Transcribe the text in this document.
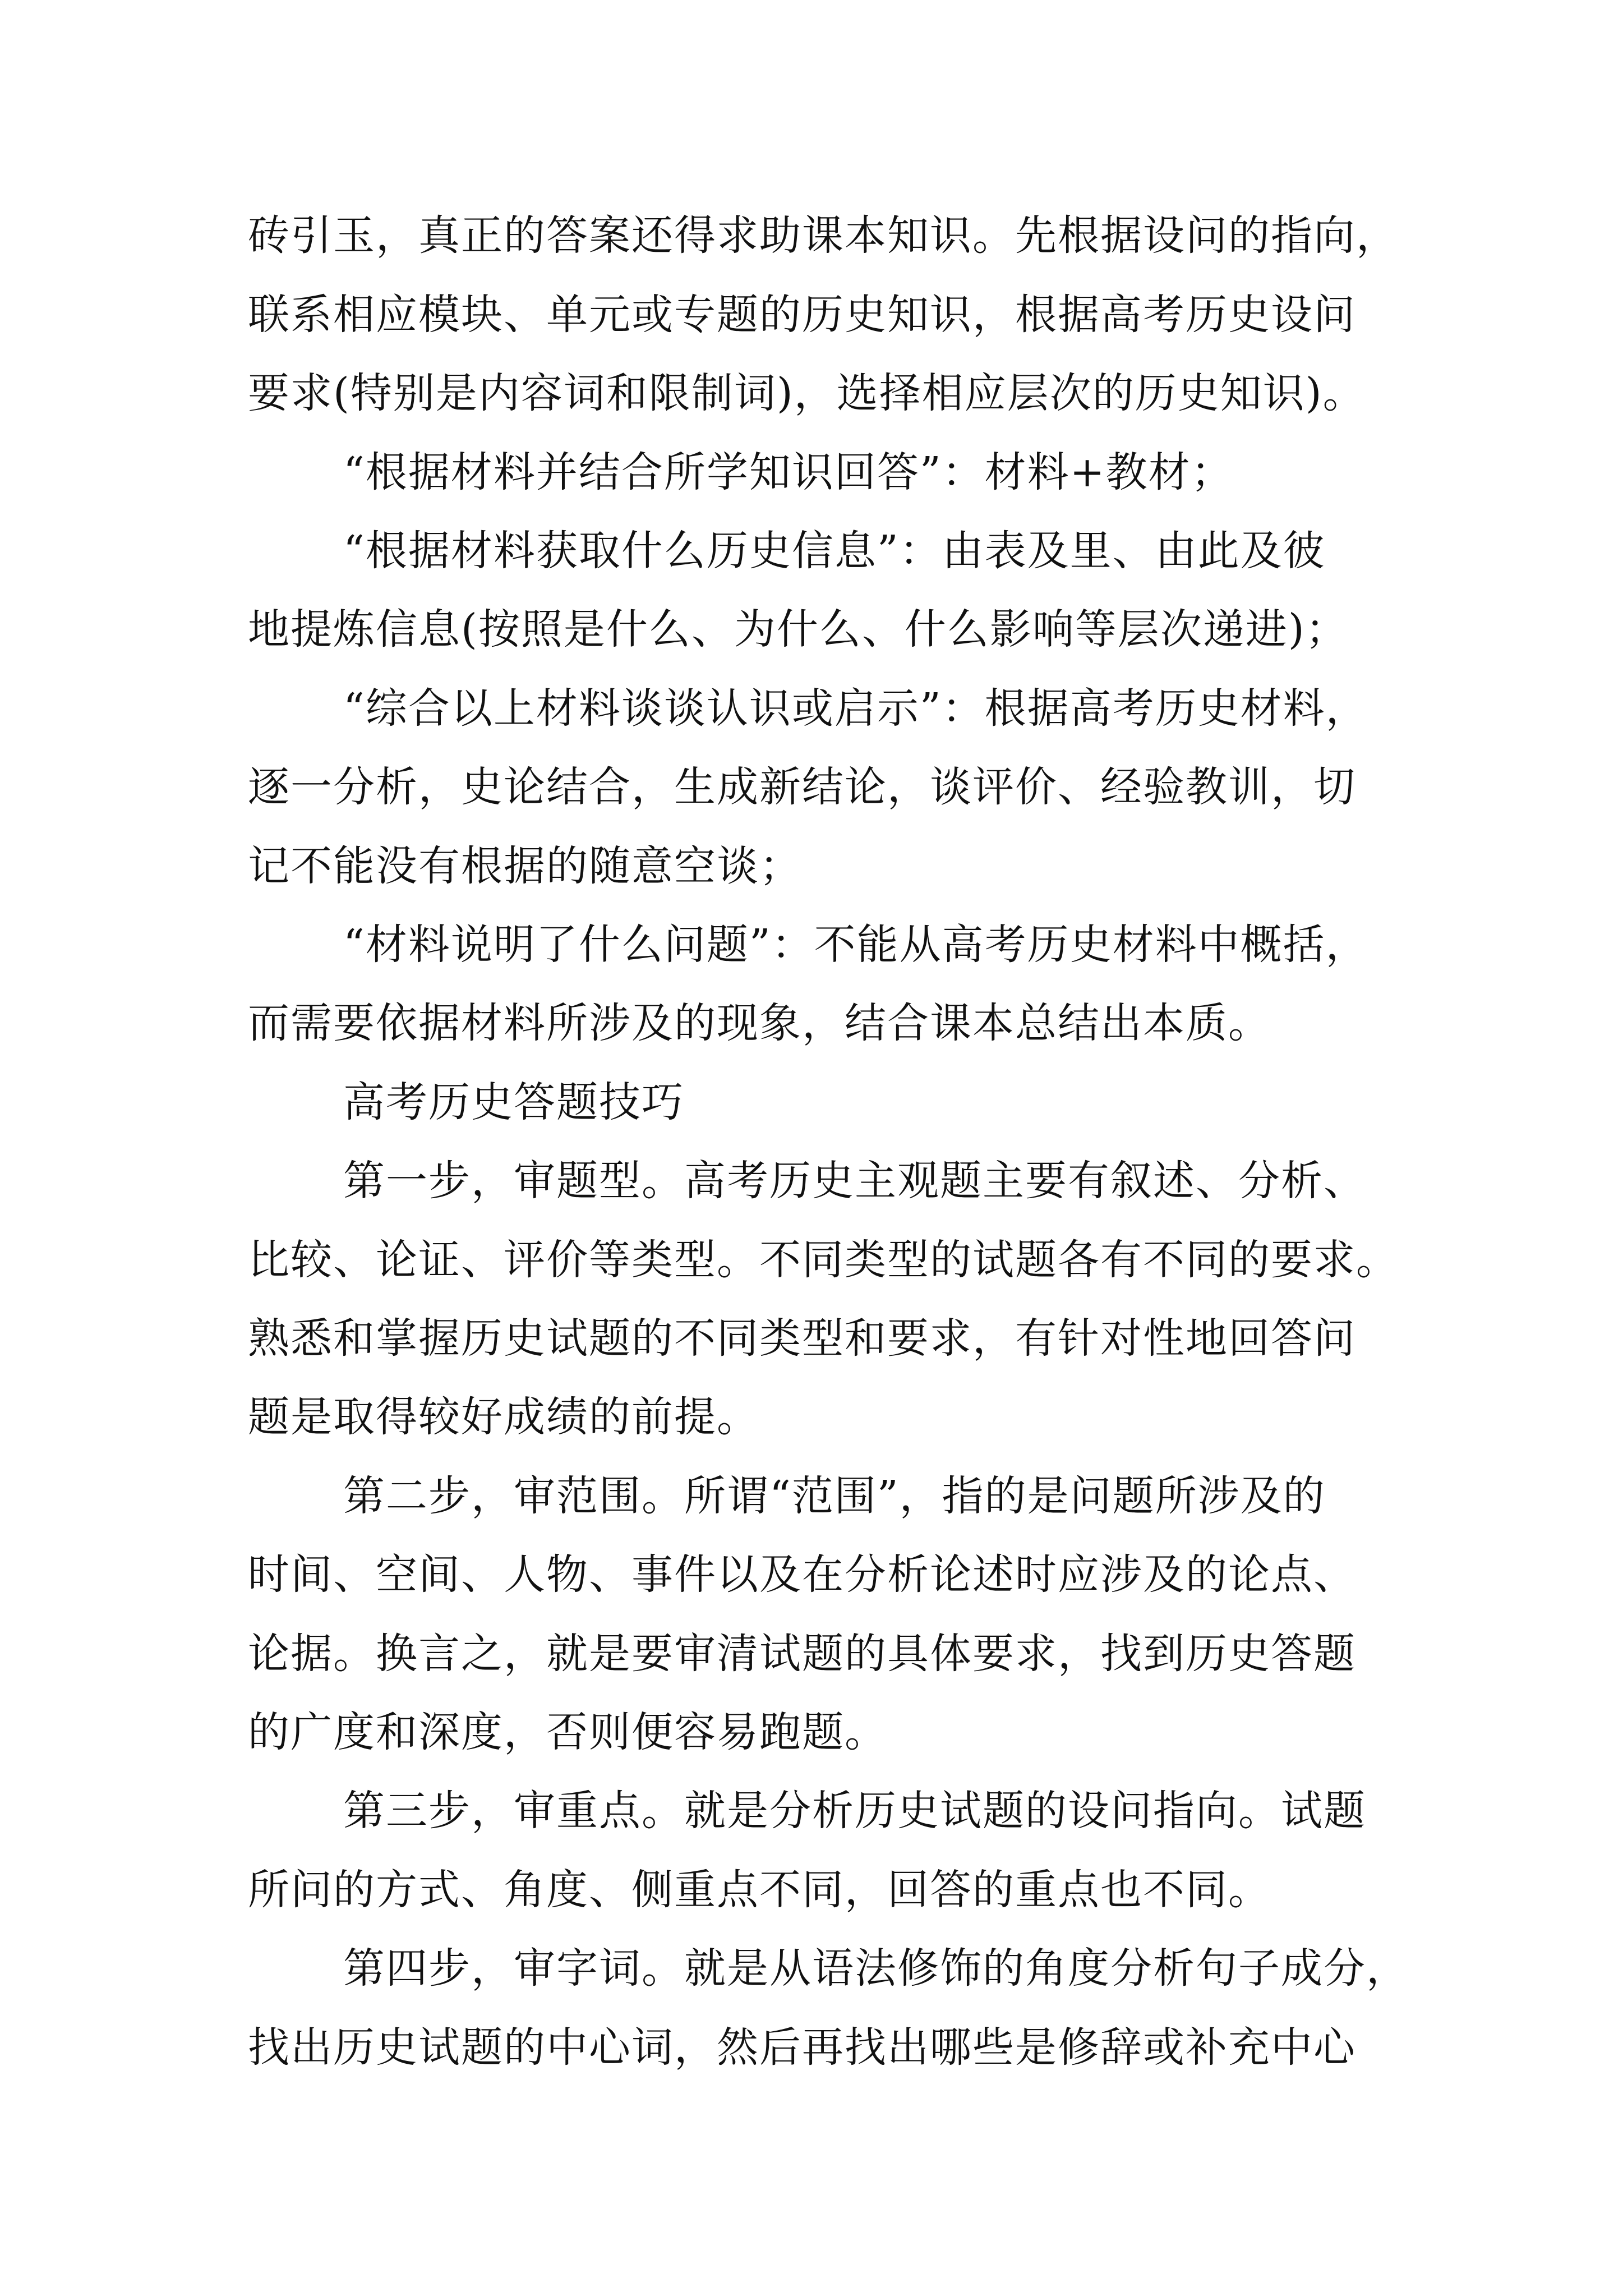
砖引玉，真正的答案还得求助课本知识。先根据设问的指向，
联系相应模块、单元或专题的历史知识，根据高考历史设问
要求(特别是内容词和限制词)，选择相应层次的历史知识)。
“根据材料并结合所学知识回答”：材料+教材；
“根据材料获取什么历史信息”：由表及里、由此及彼
地提炼信息(按照是什么、为什么、什么影响等层次递进)；
“综合以上材料谈谈认识或启示”：根据高考历史材料，
逐一分析，史论结合，生成新结论，谈评价、经验教训，切
记不能没有根据的随意空谈；
“材料说明了什么问题”：不能从高考历史材料中概括，
而需要依据材料所涉及的现象，结合课本总结出本质。
高考历史答题技巧
第一步，审题型。高考历史主观题主要有叙述、分析、
比较、论证、评价等类型。不同类型的试题各有不同的要求。
熟悉和掌握历史试题的不同类型和要求，有针对性地回答问
题是取得较好成绩的前提。
第二步，审范围。所谓“范围”，指的是问题所涉及的
时间、空间、人物、事件以及在分析论述时应涉及的论点、
论据。换言之，就是要审清试题的具体要求，找到历史答题
的广度和深度，否则便容易跑题。
第三步，审重点。就是分析历史试题的设问指向。试题
所问的方式、角度、侧重点不同，回答的重点也不同。
第四步，审字词。就是从语法修饰的角度分析句子成分，
找出历史试题的中心词，然后再找出哪些是修辞或补充中心
